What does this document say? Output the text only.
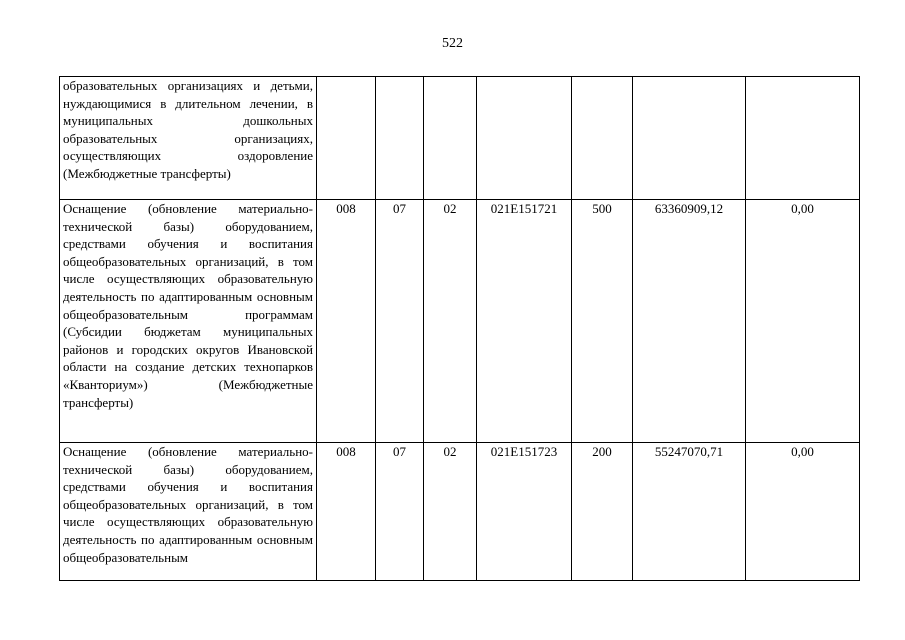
522
образовательных организациях и детьми, нуждающимися в длительном лечении, в муниципальных дошкольных образовательных организациях, осуществляющих оздоровление (Межбюджетные трансферты)							
Оснащение (обновление материально-технической базы) оборудованием, средствами обучения и воспитания общеобразовательных организаций, в том числе осуществляющих образовательную деятельность по адаптированным основным общеобразовательным программам (Субсидии бюджетам муниципальных районов и городских округов Ивановской области на создание детских технопарков «Кванториум») (Межбюджетные трансферты)	008	07	02	021E151721	500	63360909,12	0,00
Оснащение (обновление материально-технической базы) оборудованием, средствами обучения и воспитания общеобразовательных организаций, в том числе осуществляющих образовательную деятельность по адаптированным основным общеобразовательным	008	07	02	021E151723	200	55247070,71	0,00
